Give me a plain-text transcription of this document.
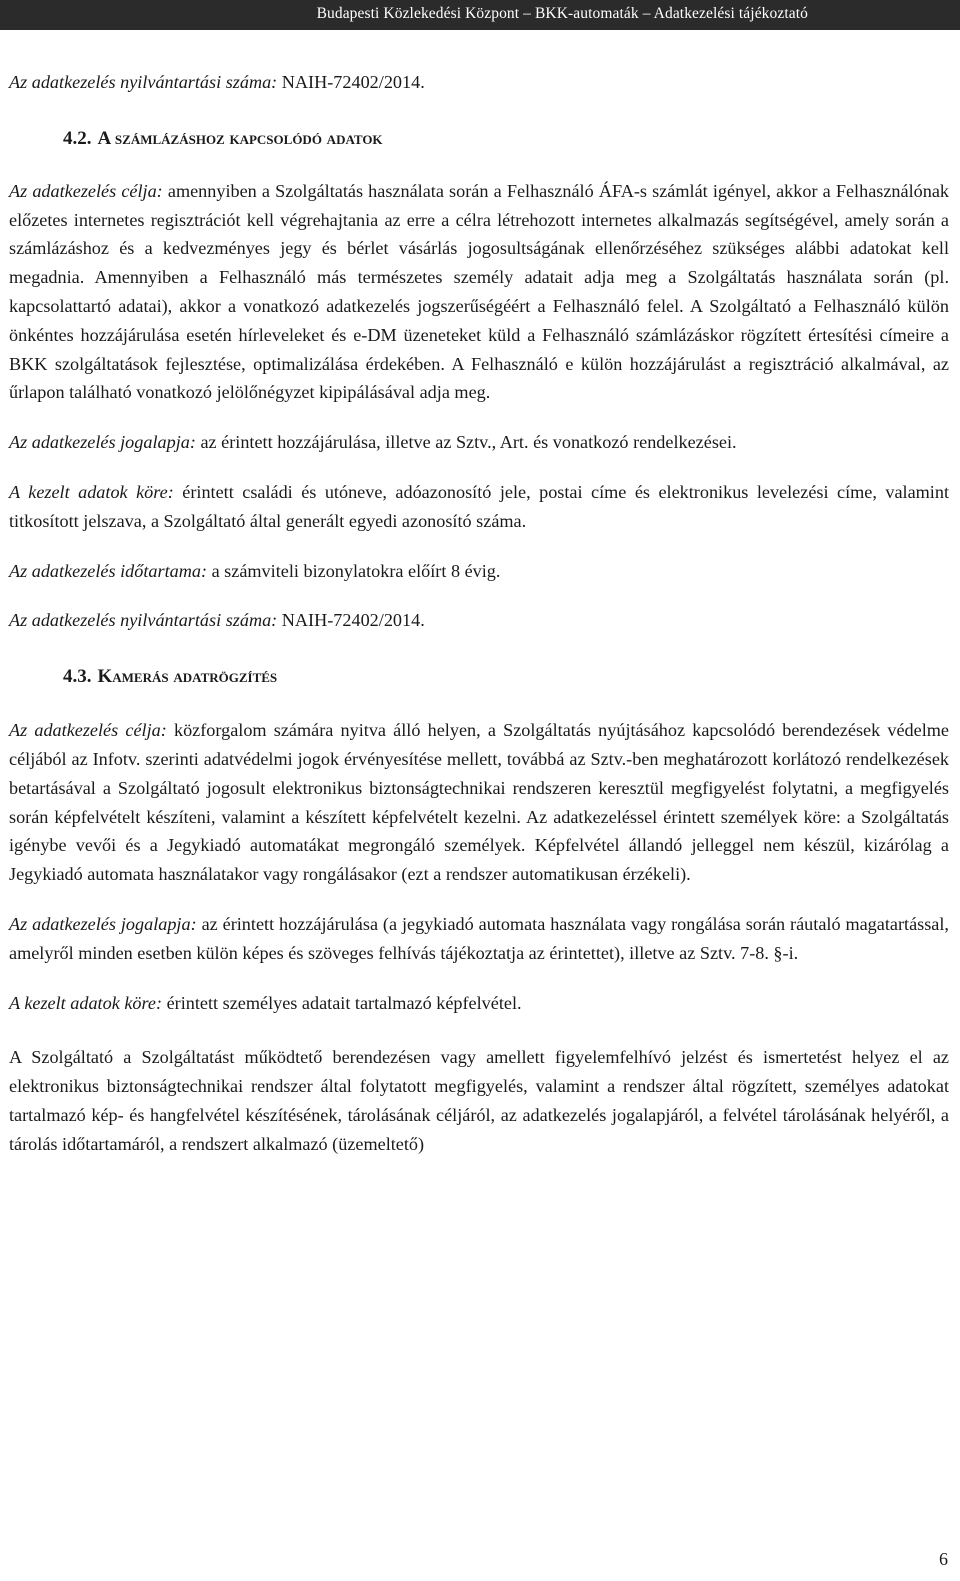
Budapesti Közlekedési Központ – BKK-automaták – Adatkezelési tájékoztató

Az adatkezelés nyilvántartási száma: NAIH-72402/2014.

4.2. A számlázáshoz kapcsolódó adatok

Az adatkezelés célja: amennyiben a Szolgáltatás használata során a Felhasználó ÁFA-s számlát igényel, akkor a Felhasználónak előzetes internetes regisztrációt kell végrehajtania az erre a célra létrehozott internetes alkalmazás segítségével, amely során a számlázáshoz és a kedvezményes jegy és bérlet vásárlás jogosultságának ellenőrzéséhez szükséges alábbi adatokat kell megadnia. Amennyiben a Felhasználó más természetes személy adatait adja meg a Szolgáltatás használata során (pl. kapcsolattartó adatai), akkor a vonatkozó adatkezelés jogszerűségéért a Felhasználó felel. A Szolgáltató a Felhasználó külön önkéntes hozzájárulása esetén hírleveleket és e-DM üzeneteket küld a Felhasználó számlázáskor rögzített értesítési címeire a BKK szolgáltatások fejlesztése, optimalizálása érdekében. A Felhasználó e külön hozzájárulást a regisztráció alkalmával, az űrlapon található vonatkozó jelölőnégyzet kipipálásával adja meg.

Az adatkezelés jogalapja: az érintett hozzájárulása, illetve az Sztv., Art. és vonatkozó rendelkezései.

A kezelt adatok köre: érintett családi és utóneve, adóazonosító jele, postai címe és elektronikus levelezési címe, valamint titkosított jelszava, a Szolgáltató által generált egyedi azonosító száma.

Az adatkezelés időtartama: a számviteli bizonylatokra előírt 8 évig.

Az adatkezelés nyilvántartási száma: NAIH-72402/2014.

4.3. Kamerás adatrögzítés

Az adatkezelés célja: közforgalom számára nyitva álló helyen, a Szolgáltatás nyújtásához kapcsolódó berendezések védelme céljából az Infotv. szerinti adatvédelmi jogok érvényesítése mellett, továbbá az Sztv.-ben meghatározott korlátozó rendelkezések betartásával a Szolgáltató jogosult elektronikus biztonságtechnikai rendszeren keresztül megfigyelést folytatni, a megfigyelés során képfelvételt készíteni, valamint a készített képfelvételt kezelni. Az adatkezeléssel érintett személyek köre: a Szolgáltatás igénybe vevői és a Jegykiadó automatákat megrongáló személyek. Képfelvétel állandó jelleggel nem készül, kizárólag a Jegykiadó automata használatakor vagy rongálásakor (ezt a rendszer automatikusan érzékeli).

Az adatkezelés jogalapja: az érintett hozzájárulása (a jegykiadó automata használata vagy rongálása során ráutaló magatartással, amelyről minden esetben külön képes és szöveges felhívás tájékoztatja az érintettet), illetve az Sztv. 7-8. §-i.

A kezelt adatok köre: érintett személyes adatait tartalmazó képfelvétel.

A Szolgáltató a Szolgáltatást működtető berendezésen vagy amellett figyelemfelhívó jelzést és ismertetést helyez el az elektronikus biztonságtechnikai rendszer által folytatott megfigyelés, valamint a rendszer által rögzített, személyes adatokat tartalmazó kép- és hangfelvétel készítésének, tárolásának céljáról, az adatkezelés jogalapjáról, a felvétel tárolásának helyéről, a tárolás időtartamáról, a rendszert alkalmazó (üzemeltető)

6
